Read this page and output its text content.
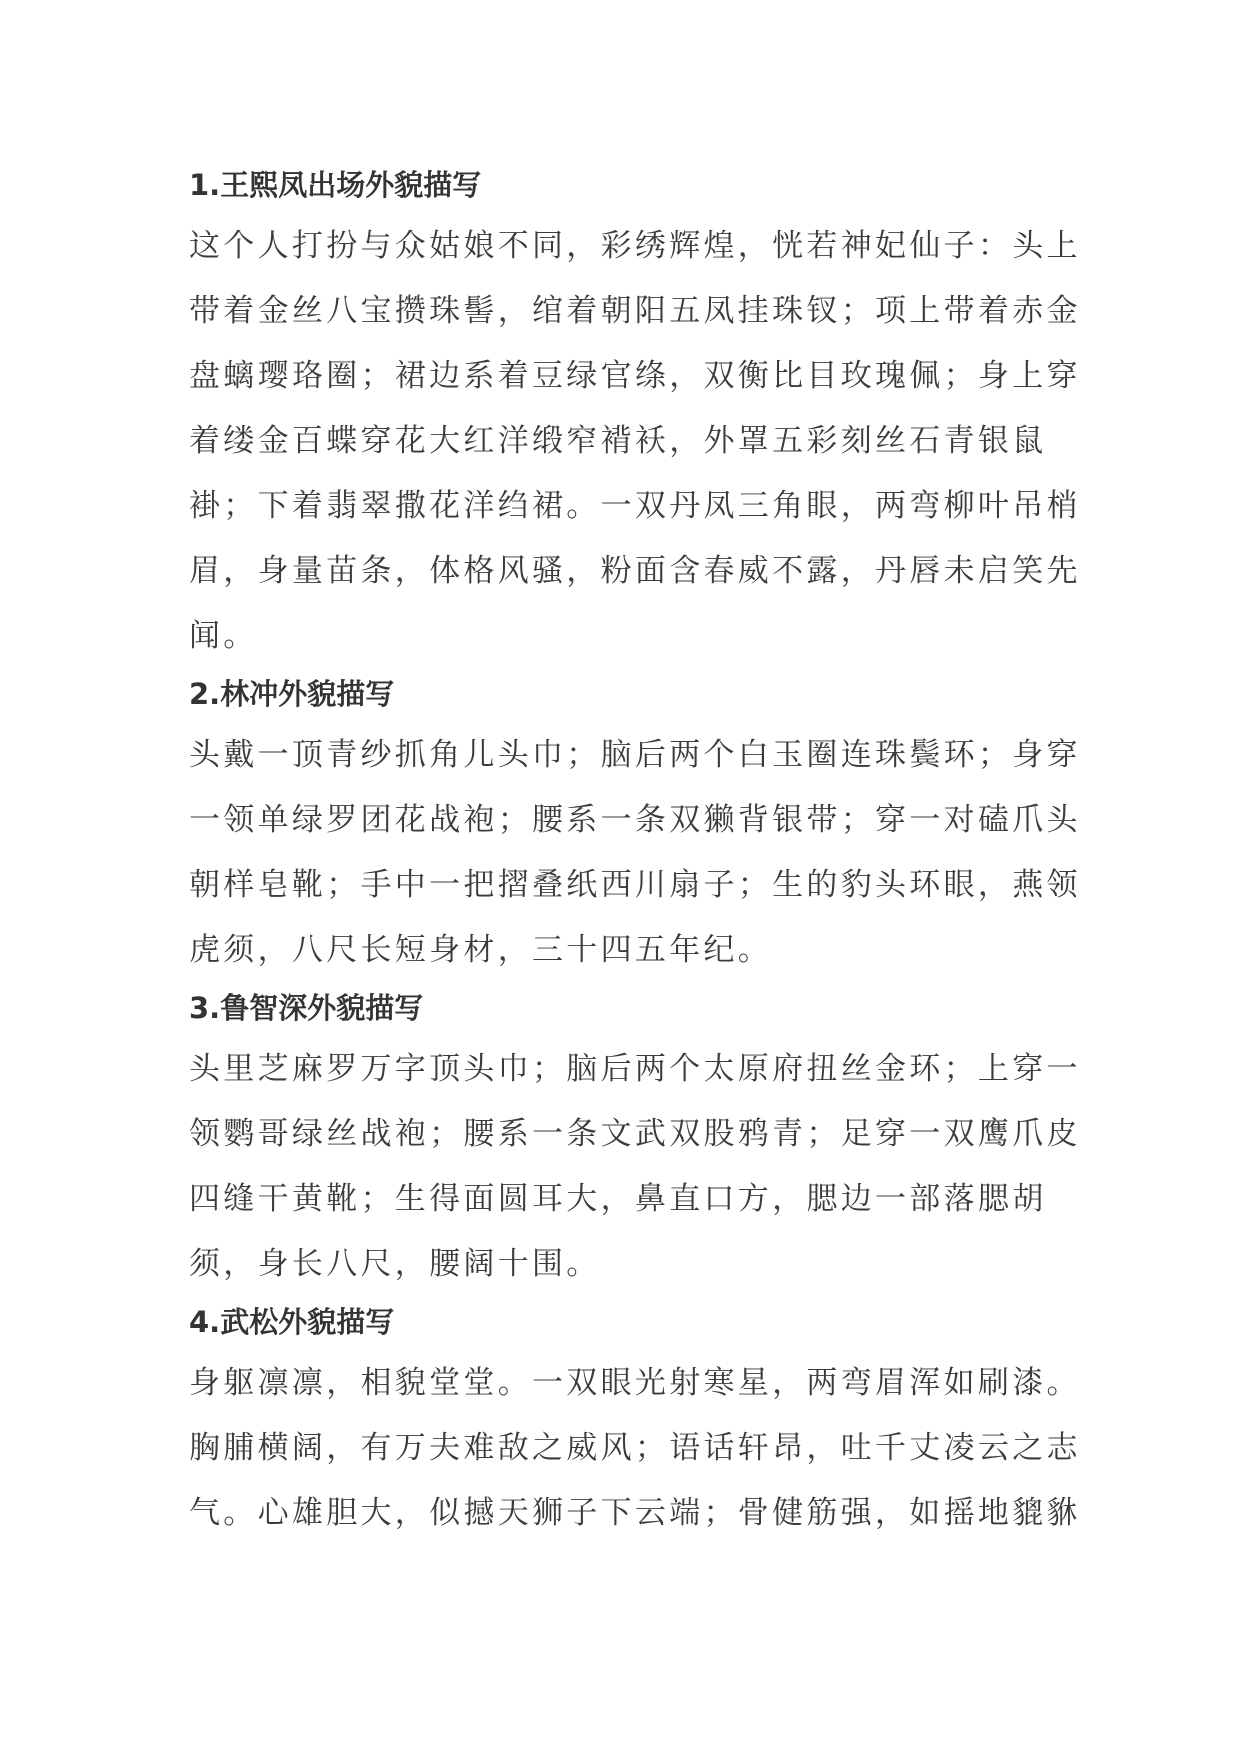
1.王熙凤出场外貌描写
这个人打扮与众姑娘不同，彩绣辉煌，恍若神妃仙子：头上
带着金丝八宝攒珠髻，绾着朝阳五凤挂珠钗；项上带着赤金
盘螭璎珞圈；裙边系着豆绿官绦，双衡比目玫瑰佩；身上穿
着缕金百蝶穿花大红洋缎窄褙袄，外罩五彩刻丝石青银鼠
褂；下着翡翠撒花洋绉裙。一双丹凤三角眼，两弯柳叶吊梢
眉，身量苗条，体格风骚，粉面含春威不露，丹唇未启笑先
闻。
2.林冲外貌描写
头戴一顶青纱抓角儿头巾；脑后两个白玉圈连珠鬓环；身穿
一领单绿罗团花战袍；腰系一条双獭背银带；穿一对磕爪头
朝样皂靴；手中一把摺叠纸西川扇子；生的豹头环眼，燕领
虎须，八尺长短身材，三十四五年纪。
3.鲁智深外貌描写
头里芝麻罗万字顶头巾；脑后两个太原府扭丝金环；上穿一
领鹦哥绿丝战袍；腰系一条文武双股鸦青；足穿一双鹰爪皮
四缝干黄靴；生得面圆耳大，鼻直口方，腮边一部落腮胡
须，身长八尺，腰阔十围。
4.武松外貌描写
身躯凛凛，相貌堂堂。一双眼光射寒星，两弯眉浑如刷漆。
胸脯横阔，有万夫难敌之威风；语话轩昂，吐千丈凌云之志
气。心雄胆大，似撼天狮子下云端；骨健筋强，如摇地貔貅
